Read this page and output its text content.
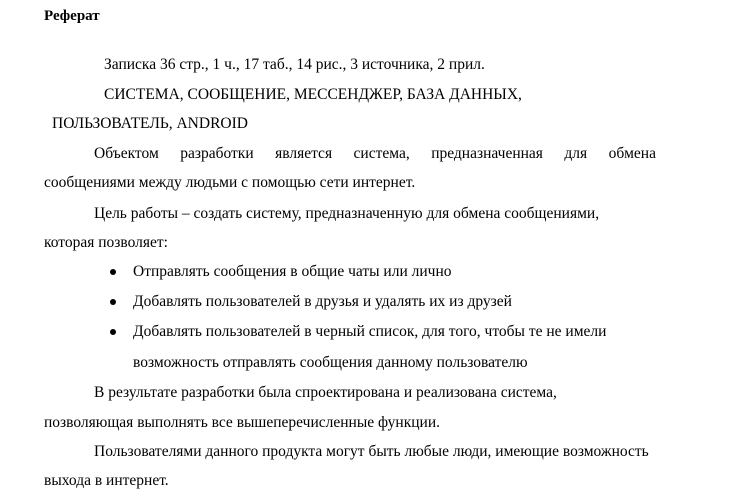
Реферат
Записка 36 стр., 1 ч., 17 таб., 14 рис., 3 источника, 2 прил.
СИСТЕМА, СООБЩЕНИЕ, МЕССЕНДЖЕР, БАЗА ДАННЫХ,
ПОЛЬЗОВАТЕЛЬ, ANDROID
Объектом разработки является система, предназначенная для обмена
сообщениями между людьми с помощью сети интернет.
Цель работы – создать систему, предназначенную для обмена сообщениями,
которая позволяет:
Отправлять сообщения в общие чаты или лично
Добавлять пользователей в друзья и удалять их из друзей
Добавлять пользователей в черный список, для того, чтобы те не имели
возможность отправлять сообщения данному пользователю
В результате разработки была спроектирована и реализована система,
позволяющая выполнять все вышеперечисленные функции.
Пользователями данного продукта могут быть любые люди, имеющие возможность
выхода в интернет.
